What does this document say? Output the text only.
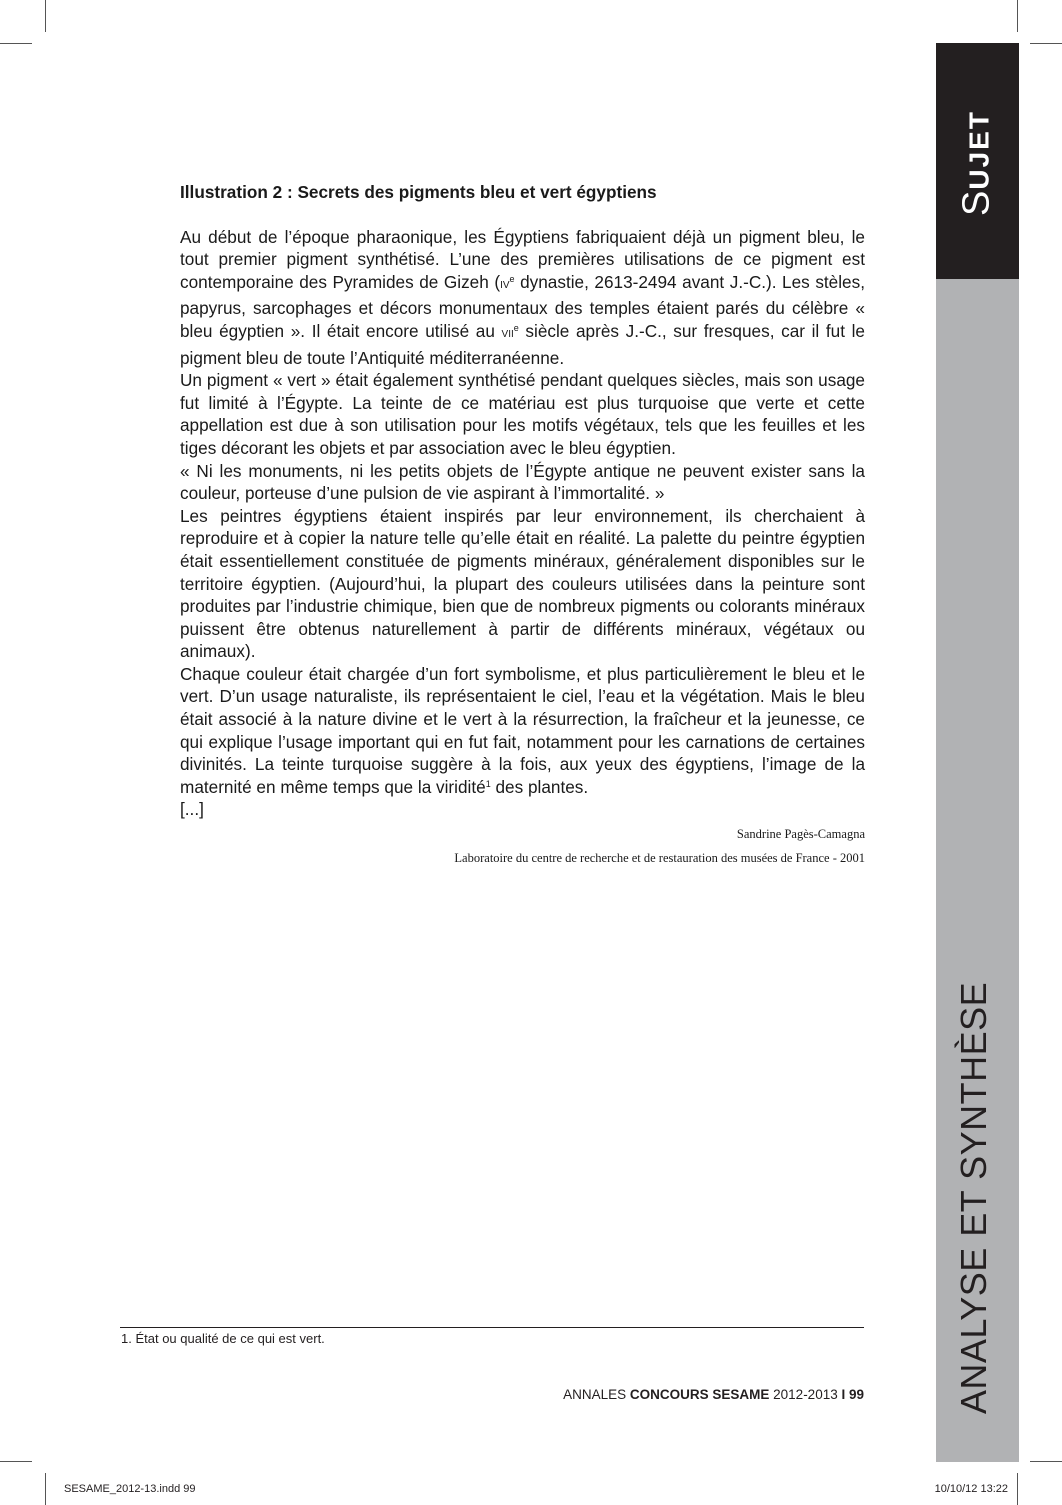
SUJET
ANALYSE ET SYNTHÈSE
Illustration 2 : Secrets des pigments bleu et vert égyptiens

Au début de l’époque pharaonique, les Égyptiens fabriquaient déjà un pigment bleu, le tout premier pigment synthétisé. L’une des premières utilisations de ce pigment est contemporaine des Pyramides de Gizeh (IVe dynastie, 2613-2494 avant J.-C.). Les stèles, papyrus, sarcophages et décors monumentaux des temples étaient parés du célèbre « bleu égyptien ». Il était encore utilisé au VIIe siècle après J.-C., sur fresques, car il fut le pigment bleu de toute l’Antiquité méditerranéenne.

Un pigment « vert » était également synthétisé pendant quelques siècles, mais son usage fut limité à l’Égypte. La teinte de ce matériau est plus turquoise que verte et cette appellation est due à son utilisation pour les motifs végétaux, tels que les feuilles et les tiges décorant les objets et par association avec le bleu égyptien.

« Ni les monuments, ni les petits objets de l’Égypte antique ne peuvent exister sans la couleur, porteuse d’une pulsion de vie aspirant à l’immortalité. »

Les peintres égyptiens étaient inspirés par leur environnement, ils cherchaient à reproduire et à copier la nature telle qu’elle était en réalité. La palette du peintre égyptien était essentiellement constituée de pigments minéraux, généralement disponibles sur le territoire égyptien. (Aujourd’hui, la plupart des couleurs utilisées dans la peinture sont produites par l’industrie chimique, bien que de nombreux pigments ou colorants minéraux puissent être obtenus naturellement à partir de différents minéraux, végétaux ou animaux).

Chaque couleur était chargée d’un fort symbolisme, et plus particulièrement le bleu et le vert. D’un usage naturaliste, ils représentaient le ciel, l’eau et la végétation. Mais le bleu était associé à la nature divine et le vert à la résurrection, la fraîcheur et la jeunesse, ce qui explique l’usage important qui en fut fait, notamment pour les carnations de certaines divinités. La teinte turquoise suggère à la fois, aux yeux des égyptiens, l’image de la maternité en même temps que la viridité$^1$ des plantes.

[...]

Sandrine Pagès-Camagna
Laboratoire du centre de recherche et de restauration des musées de France - 2001
1. État ou qualité de ce qui est vert.
ANNALES CONCOURS SESAME 2012-2013 I 99
SESAME_2012-13.indd 99	10/10/12 13:22
